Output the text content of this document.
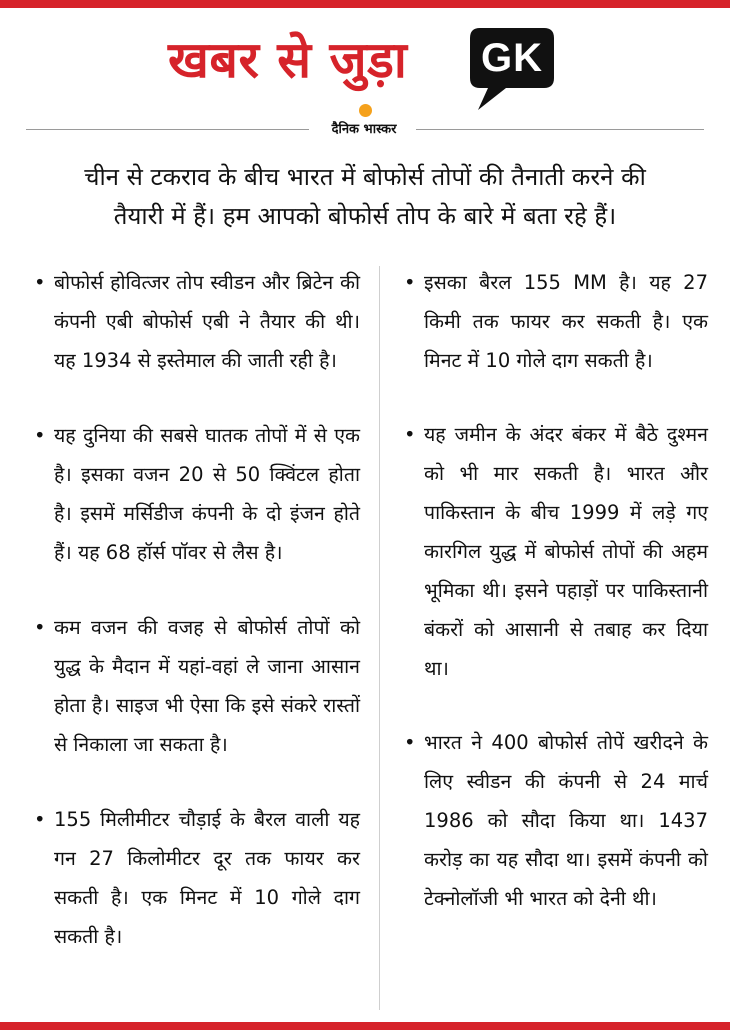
खबर से जुड़ा GK
दैनिक भास्कर
चीन से टकराव के बीच भारत में बोफोर्स तोपों की तैनाती करने की
तैयारी में हैं। हम आपको बोफोर्स तोप के बारे में बता रहे हैं।
• बोफोर्स होवित्जर तोप स्वीडन और ब्रिटेन की कंपनी एबी बोफोर्स एबी ने तैयार की थी। यह 1934 से इस्तेमाल की जाती रही है।
• यह दुनिया की सबसे घातक तोपों में से एक है। इसका वजन 20 से 50 क्विंटल होता है। इसमें मर्सिडीज कंपनी के दो इंजन होते हैं। यह 68 हॉर्स पॉवर से लैस है।
• कम वजन की वजह से बोफोर्स तोपों को युद्ध के मैदान में यहां-वहां ले जाना आसान होता है। साइज भी ऐसा कि इसे संकरे रास्तों से निकाला जा सकता है।
• 155 मिलीमीटर चौड़ाई के बैरल वाली यह गन 27 किलोमीटर दूर तक फायर कर सकती है। एक मिनट में 10 गोले दाग सकती है।
• इसका बैरल 155 MM है। यह 27 किमी तक फायर कर सकती है। एक मिनट में 10 गोले दाग सकती है।
• यह जमीन के अंदर बंकर में बैठे दुश्मन को भी मार सकती है। भारत और पाकिस्तान के बीच 1999 में लड़े गए कारगिल युद्ध में बोफोर्स तोपों की अहम भूमिका थी। इसने पहाड़ों पर पाकिस्तानी बंकरों को आसानी से तबाह कर दिया था।
• भारत ने 400 बोफोर्स तोपें खरीदने के लिए स्वीडन की कंपनी से 24 मार्च 1986 को सौदा किया था। 1437 करोड़ का यह सौदा था। इसमें कंपनी को टेक्नोलॉजी भी भारत को देनी थी।
